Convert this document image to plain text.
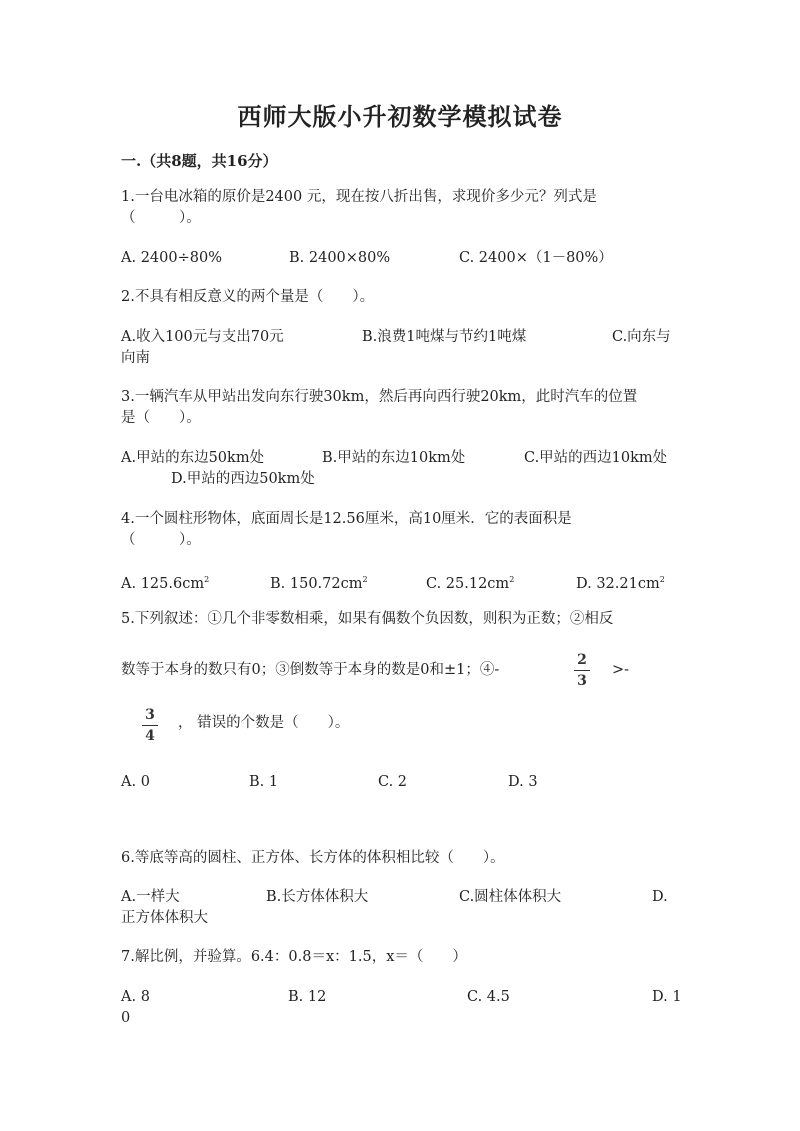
西师大版小升初数学模拟试卷
一.（共8题，共16分）
1.一台电冰箱的原价是2400 元，现在按八折出售，求现价多少元？列式是
（　　　）。
A. 2400÷80%	B. 2400×80%	C. 2400×（1－80%）
2.不具有相反意义的两个量是（　　）。
A.收入100元与支出70元	B.浪费1吨煤与节约1吨煤	C.向东与
向南
3.一辆汽车从甲站出发向东行驶30km，然后再向西行驶20km，此时汽车的位置
是（　　）。
A.甲站的东边50km处	B.甲站的东边10km处	C.甲站的西边10km处
D.甲站的西边50km处
4.一个圆柱形物体，底面周长是12.56厘米，高10厘米．它的表面积是
（　　　）。
A. $125.6cm^2$	B. $150.72cm^2$	C. $25.12cm^2$	D. $32.21cm^2$
5.下列叙述：①几个非零数相乘，如果有偶数个负因数，则积为正数；②相反
数等于本身的数只有0；③倒数等于本身的数是0和±1；④-
2
3
>-
3
4
， 错误的个数是（　　）。
A. 0	B. 1	C. 2	D. 3
6.等底等高的圆柱、正方体、长方体的体积相比较（　　）。
A.一样大	B.长方体体积大	C.圆柱体体积大	D.
正方体体积大
7.解比例，并验算。6.4：0.8＝x：1.5，x＝（　　）
A. 8	B. 12	C. 4.5	D. 1
0
